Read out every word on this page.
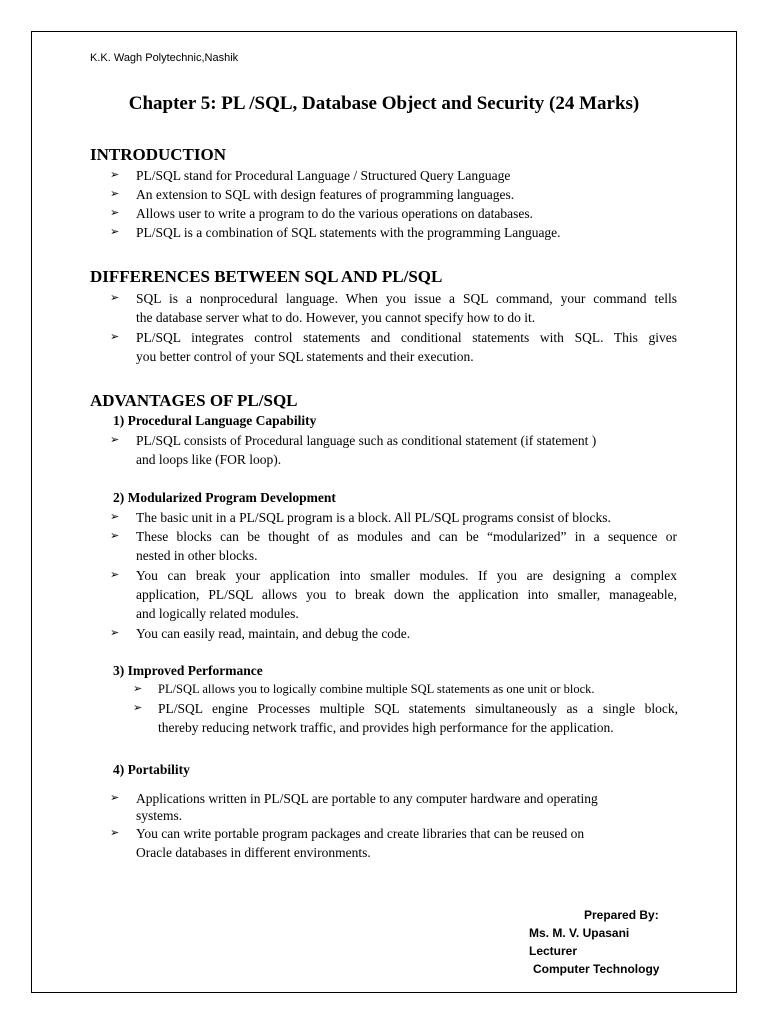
K.K. Wagh Polytechnic,Nashik
Chapter 5: PL /SQL, Database Object and Security (24 Marks)
INTRODUCTION
➢ PL/SQL stand for Procedural Language / Structured Query Language
➢ An extension to SQL with design features of programming languages.
➢ Allows user to write a program to do the various operations on databases.
➢ PL/SQL is a combination of SQL statements with the programming Language.
DIFFERENCES BETWEEN SQL AND PL/SQL
➢ SQL is a nonprocedural language. When you issue a SQL command, your command tells
the database server what to do. However, you cannot specify how to do it.
➢ PL/SQL integrates control statements and conditional statements with SQL. This gives
you better control of your SQL statements and their execution.
ADVANTAGES OF PL/SQL
1) Procedural Language Capability
➢ PL/SQL consists of Procedural language such as conditional statement (if statement )
and loops like (FOR loop).
2) Modularized Program Development
➢ The basic unit in a PL/SQL program is a block. All PL/SQL programs consist of blocks.
➢ These blocks can be thought of as modules and can be “modularized” in a sequence or
nested in other blocks.
➢ You can break your application into smaller modules. If you are designing a complex
application, PL/SQL allows you to break down the application into smaller, manageable,
and logically related modules.
➢ You can easily read, maintain, and debug the code.
3) Improved Performance
➢ PL/SQL allows you to logically combine multiple SQL statements as one unit or block.
➢ PL/SQL engine Processes multiple SQL statements simultaneously as a single block,
thereby reducing network traffic, and provides high performance for the application.
4) Portability
➢ Applications written in PL/SQL are portable to any computer hardware and operating
systems.
➢ You can write portable program packages and create libraries that can be reused on
Oracle databases in different environments.
Prepared By:
Ms. M. V. Upasani
Lecturer
Computer Technology
